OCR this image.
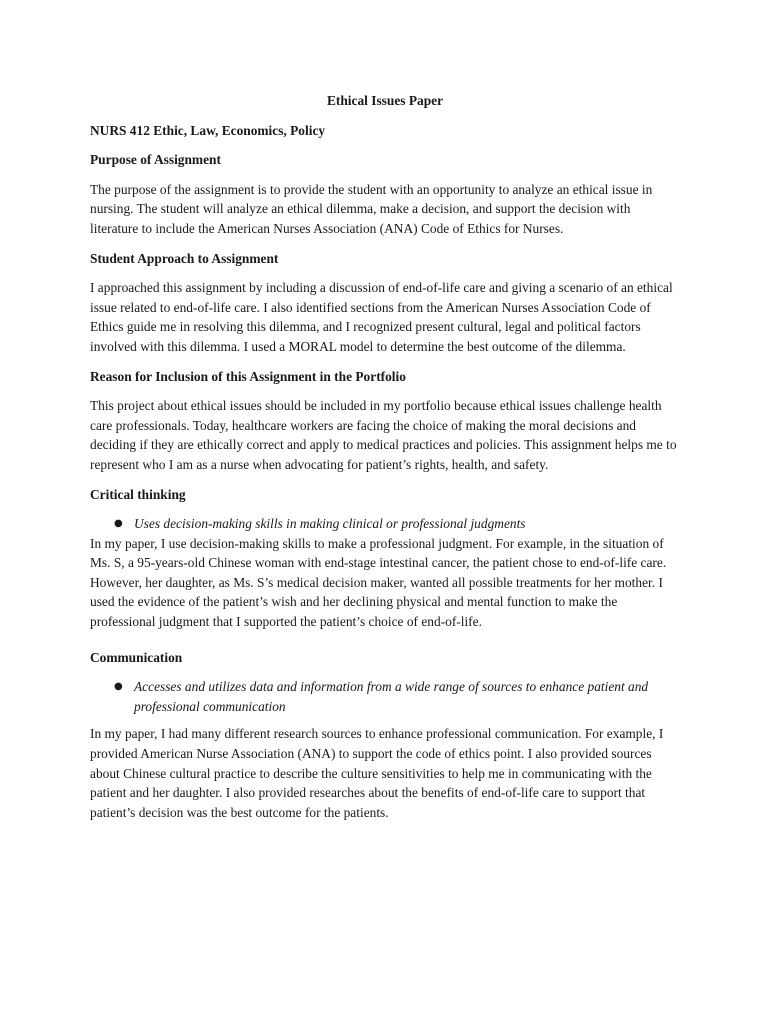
Ethical Issues Paper
NURS 412 Ethic, Law, Economics, Policy
Purpose of Assignment
The purpose of the assignment is to provide the student with an opportunity to analyze an ethical issue in nursing. The student will analyze an ethical dilemma, make a decision, and support the decision with literature to include the American Nurses Association (ANA) Code of Ethics for Nurses.
Student Approach to Assignment
I approached this assignment by including a discussion of end-of-life care and giving a scenario of an ethical issue related to end-of-life care. I also identified sections from the American Nurses Association Code of Ethics guide me in resolving this dilemma, and I recognized present cultural, legal and political factors involved with this dilemma. I used a MORAL model to determine the best outcome of the dilemma.
Reason for Inclusion of this Assignment in the Portfolio
This project about ethical issues should be included in my portfolio because ethical issues challenge health care professionals. Today, healthcare workers are facing the choice of making the moral decisions and deciding if they are ethically correct and apply to medical practices and policies. This assignment helps me to represent who I am as a nurse when advocating for patient’s rights, health, and safety.
Critical thinking
● Uses decision-making skills in making clinical or professional judgments
In my paper, I use decision-making skills to make a professional judgment. For example, in the situation of Ms. S, a 95-years-old Chinese woman with end-stage intestinal cancer, the patient chose to end-of-life care. However, her daughter, as Ms. S’s medical decision maker, wanted all possible treatments for her mother. I used the evidence of the patient’s wish and her declining physical and mental function to make the professional judgment that I supported the patient’s choice of end-of-life.
Communication
● Accesses and utilizes data and information from a wide range of sources to enhance patient and professional communication
In my paper, I had many different research sources to enhance professional communication. For example, I provided American Nurse Association (ANA) to support the code of ethics point. I also provided sources about Chinese cultural practice to describe the culture sensitivities to help me in communicating with the patient and her daughter. I also provided researches about the benefits of end-of-life care to support that patient’s decision was the best outcome for the patients.
